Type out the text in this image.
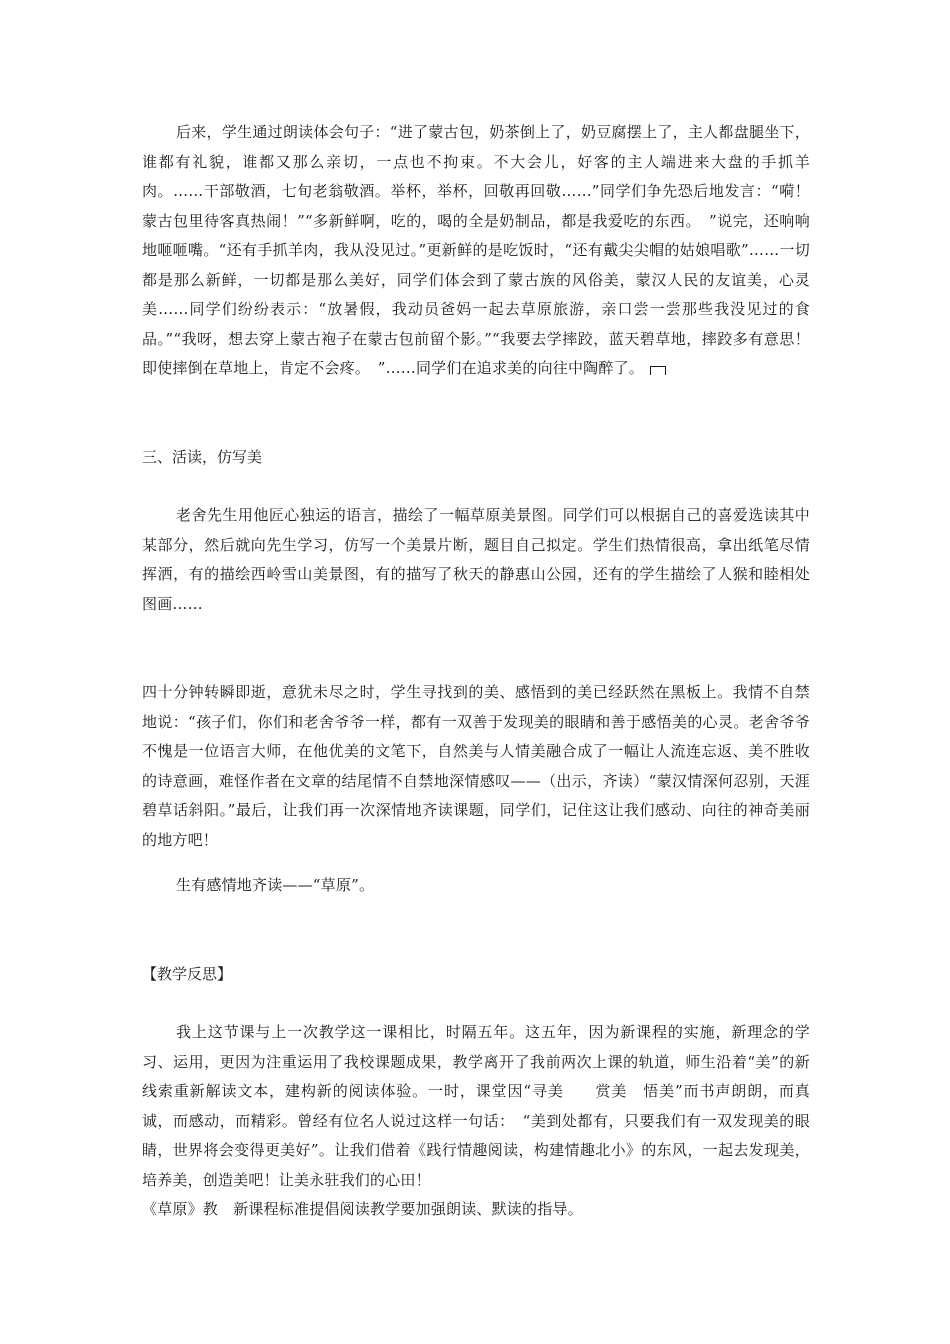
后来，学生通过朗读体会句子：“进了蒙古包，奶茶倒上了，奶豆腐摆上了，主人都盘腿坐下，谁都有礼貌，谁都又那么亲切，一点也不拘束。不大会儿，好客的主人端进来大盘的手抓羊肉。……干部敬酒，七旬老翁敬酒。举杯，举杯，回敬再回敬……”同学们争先恐后地发言：“嗬！蒙古包里待客真热闹！”“多新鲜啊，吃的，喝的全是奶制品，都是我爱吃的东西。　”说完，还响响地咂咂嘴。“还有手抓羊肉，我从没见过。”更新鲜的是吃饭时，“还有戴尖尖帽的姑娘唱歌”……一切都是那么新鲜，一切都是那么美好，同学们体会到了蒙古族的风俗美，蒙汉人民的友谊美，心灵美……同学们纷纷表示：“放暑假，我动员爸妈一起去草原旅游，亲口尝一尝那些我没见过的食品。”“我呀，想去穿上蒙古袍子在蒙古包前留个影。”“我要去学摔跤，蓝天碧草地，摔跤多有意思！即使摔倒在草地上，肯定不会疼。　”……同学们在追求美的向往中陶醉了。

三、活读，仿写美

老舍先生用他匠心独运的语言，描绘了一幅草原美景图。同学们可以根据自己的喜爱选读其中某部分，然后就向先生学习，仿写一个美景片断，题目自己拟定。学生们热情很高，拿出纸笔尽情挥洒，有的描绘西岭雪山美景图，有的描写了秋天的静惠山公园，还有的学生描绘了人猴和睦相处图画……

四十分钟转瞬即逝，意犹未尽之时，学生寻找到的美、感悟到的美已经跃然在黑板上。我情不自禁地说：“孩子们，你们和老舍爷爷一样，都有一双善于发现美的眼睛和善于感悟美的心灵。老舍爷爷不愧是一位语言大师，在他优美的文笔下，自然美与人情美融合成了一幅让人流连忘返、美不胜收的诗意画，难怪作者在文章的结尾情不自禁地深情感叹——（出示，齐读）“蒙汉情深何忍别，天涯碧草话斜阳。”最后，让我们再一次深情地齐读课题，同学们，记住这让我们感动、向往的神奇美丽的地方吧！

生有感情地齐读——“草原”。

【教学反思】

我上这节课与上一次教学这一课相比，时隔五年。这五年，因为新课程的实施，新理念的学习、运用，更因为注重运用了我校课题成果，教学离开了我前两次上课的轨道，师生沿着“美”的新线索重新解读文本，建构新的阅读体验。一时，课堂因“寻美　　赏美　悟美”而书声朗朗，而真诚，而感动，而精彩。曾经有位名人说过这样一句话：　“美到处都有，只要我们有一双发现美的眼睛，世界将会变得更美好”。让我们借着《践行情趣阅读，构建情趣北小》的东风，一起去发现美，培养美，创造美吧！让美永驻我们的心田！

《草原》教　新课程标准提倡阅读教学要加强朗读、默读的指导。
